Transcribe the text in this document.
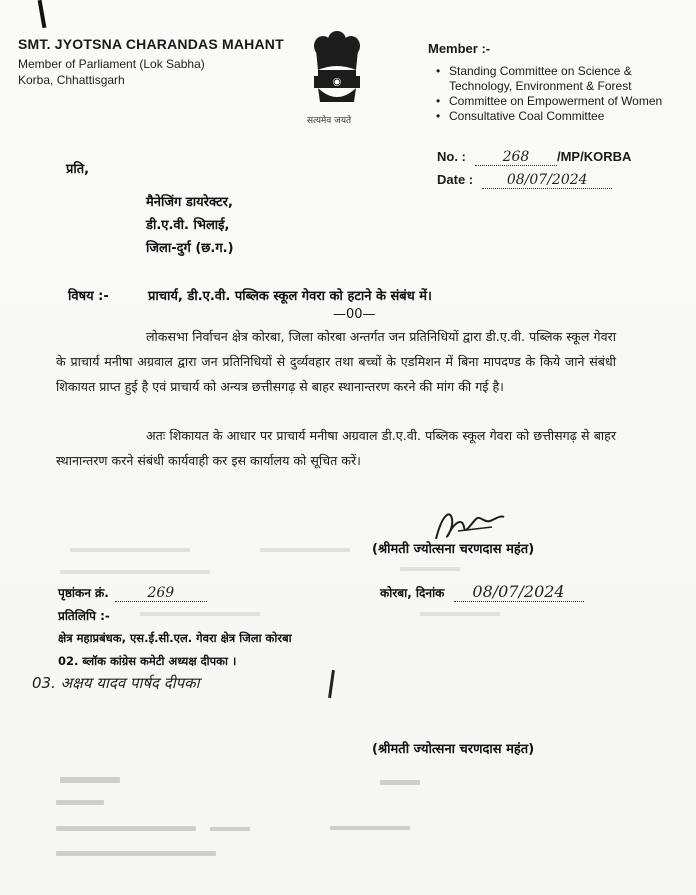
SMT. JYOTSNA CHARANDAS MAHANT
Member of Parliament (Lok Sabha)
Korba, Chhattisgarh
सत्यमेव जयते
Member :-
• Standing Committee on Science & Technology, Environment & Forest
• Committee on Empowerment of Women
• Consultative Coal Committee
No. :	268 /MP/KORBA
Date : 08/07/2024
प्रति,
मैनेजिंग डायरेक्टर,
डी.ए.वी. भिलाई,
जिला-दुर्ग (छ.ग.)
विषय :-	प्राचार्य, डी.ए.वी. पब्लिक स्कूल गेवरा को हटाने के संबंध में।
—00—
लोकसभा निर्वाचन क्षेत्र कोरबा, जिला कोरबा अन्तर्गत जन प्रतिनिधियों द्वारा डी.ए.वी. पब्लिक स्कूल गेवरा के प्राचार्य मनीषा अग्रवाल द्वारा जन प्रतिनिधियों से दुर्व्यवहार तथा बच्चों के एडमिशन में बिना मापदण्ड के किये जाने संबंधी शिकायत प्राप्त हुई है एवं प्राचार्य को अन्यत्र छत्तीसगढ़ से बाहर स्थानान्तरण करने की मांग की गई है।
अतः शिकायत के आधार पर प्राचार्य मनीषा अग्रवाल डी.ए.वी. पब्लिक स्कूल गेवरा को छत्तीसगढ़ से बाहर स्थानान्तरण करने संबंधी कार्यवाही कर इस कार्यालय को सूचित करें।
(श्रीमती ज्योत्सना चरणदास महंत)
पृष्ठांकन क्रं.	269	कोरबा, दिनांक 08/07/2024
प्रतिलिपि :-
क्षेत्र महाप्रबंधक, एस.ई.सी.एल. गेवरा क्षेत्र जिला कोरबा
02. ब्लॉक कांग्रेस कमेटी अध्यक्ष दीपका ।
03. अक्षय यादव पार्षद दीपका
(श्रीमती ज्योत्सना चरणदास महंत)
